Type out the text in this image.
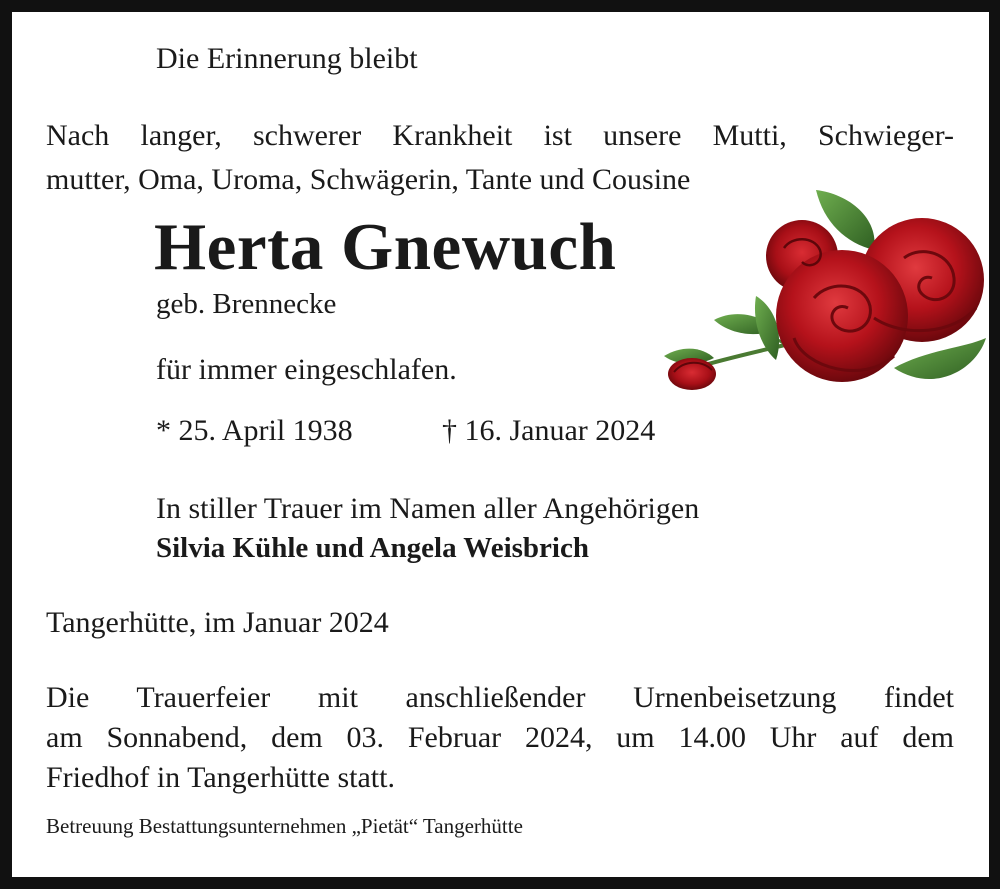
Die Erinnerung bleibt
Nach langer, schwerer Krankheit ist unsere Mutti, Schwieger-
mutter, Oma, Uroma, Schwägerin, Tante und Cousine
Herta Gnewuch
geb. Brennecke
für immer eingeschlafen.
* 25. April 1938	† 16. Januar 2024
In stiller Trauer im Namen aller Angehörigen
Silvia Kühle und Angela Weisbrich
Tangerhütte, im Januar 2024
Die Trauerfeier mit anschließender Urnenbeisetzung findet
am Sonnabend, dem 03. Februar 2024, um 14.00 Uhr auf dem
Friedhof in Tangerhütte statt.
Betreuung Bestattungsunternehmen „Pietät“ Tangerhütte
